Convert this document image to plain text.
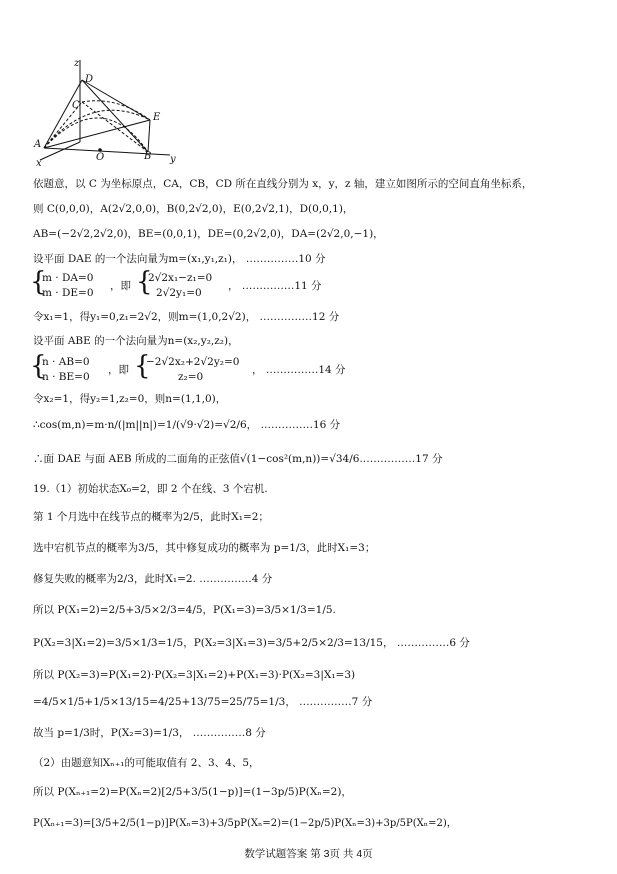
z
D
C
E
A
O	B
x	y
依题意，以 C 为坐标原点，CA，CB，CD 所在直线分别为 x，y，z 轴，建立如图所示的空间直角坐标系，
则 C(0,0,0)，A(2√2,0,0)，B(0,2√2,0)，E(0,2√2,1)，D(0,0,1)，
AB=(−2√2,2√2,0)，BE=(0,0,1)，DE=(0,2√2,0)，DA=(2√2,0,−1)，
设平面 DAE 的一个法向量为m=(x₁,y₁,z₁)， ……………10 分
{
m · DA=0
m · DE=0
，即 {
2√2x₁−z₁=0
2√2y₁=0
， ……………11 分
令x₁=1，得y₁=0,z₁=2√2，则m=(1,0,2√2)， ……………12 分
设平面 ABE 的一个法向量为n=(x₂,y₂,z₂)，
{
n · AB=0
n · BE=0
，即 {
−2√2x₂+2√2y₂=0
z₂=0
， ……………14 分
令x₂=1，得y₂=1,z₂=0，则n=(1,1,0)，
∴cos(m,n)=m·n/(|m||n|)=1/(√9·√2)=√2/6， ……………16 分
∴面 DAE 与面 AEB 所成的二面角的正弦值√(1−cos²(m,n))=√34/6.……………17 分
19.（1）初始状态X₀=2，即 2 个在线、3 个宕机.
第 1 个月选中在线节点的概率为2/5，此时X₁=2；
选中宕机节点的概率为3/5，其中修复成功的概率为 p=1/3，此时X₁=3；
修复失败的概率为2/3，此时X₁=2. ……………4 分
所以 P(X₁=2)=2/5+3/5×2/3=4/5，P(X₁=3)=3/5×1/3=1/5.
P(X₂=3|X₁=2)=3/5×1/3=1/5，P(X₂=3|X₁=3)=3/5+2/5×2/3=13/15， ……………6 分
所以 P(X₂=3)=P(X₁=2)·P(X₂=3|X₁=2)+P(X₁=3)·P(X₂=3|X₁=3)
=4/5×1/5+1/5×13/15=4/25+13/75=25/75=1/3， ……………7 分
故当 p=1/3时，P(X₂=3)=1/3， ……………8 分
（2）由题意知Xₙ₊₁的可能取值有 2、3、4、5，
所以 P(Xₙ₊₁=2)=P(Xₙ=2)[2/5+3/5(1−p)]=(1−3p/5)P(Xₙ=2)，
P(Xₙ₊₁=3)=[3/5+2/5(1−p)]P(Xₙ=3)+3/5pP(Xₙ=2)=(1−2p/5)P(Xₙ=3)+3p/5P(Xₙ=2)，
数学试题答案 第 3页 共 4页
